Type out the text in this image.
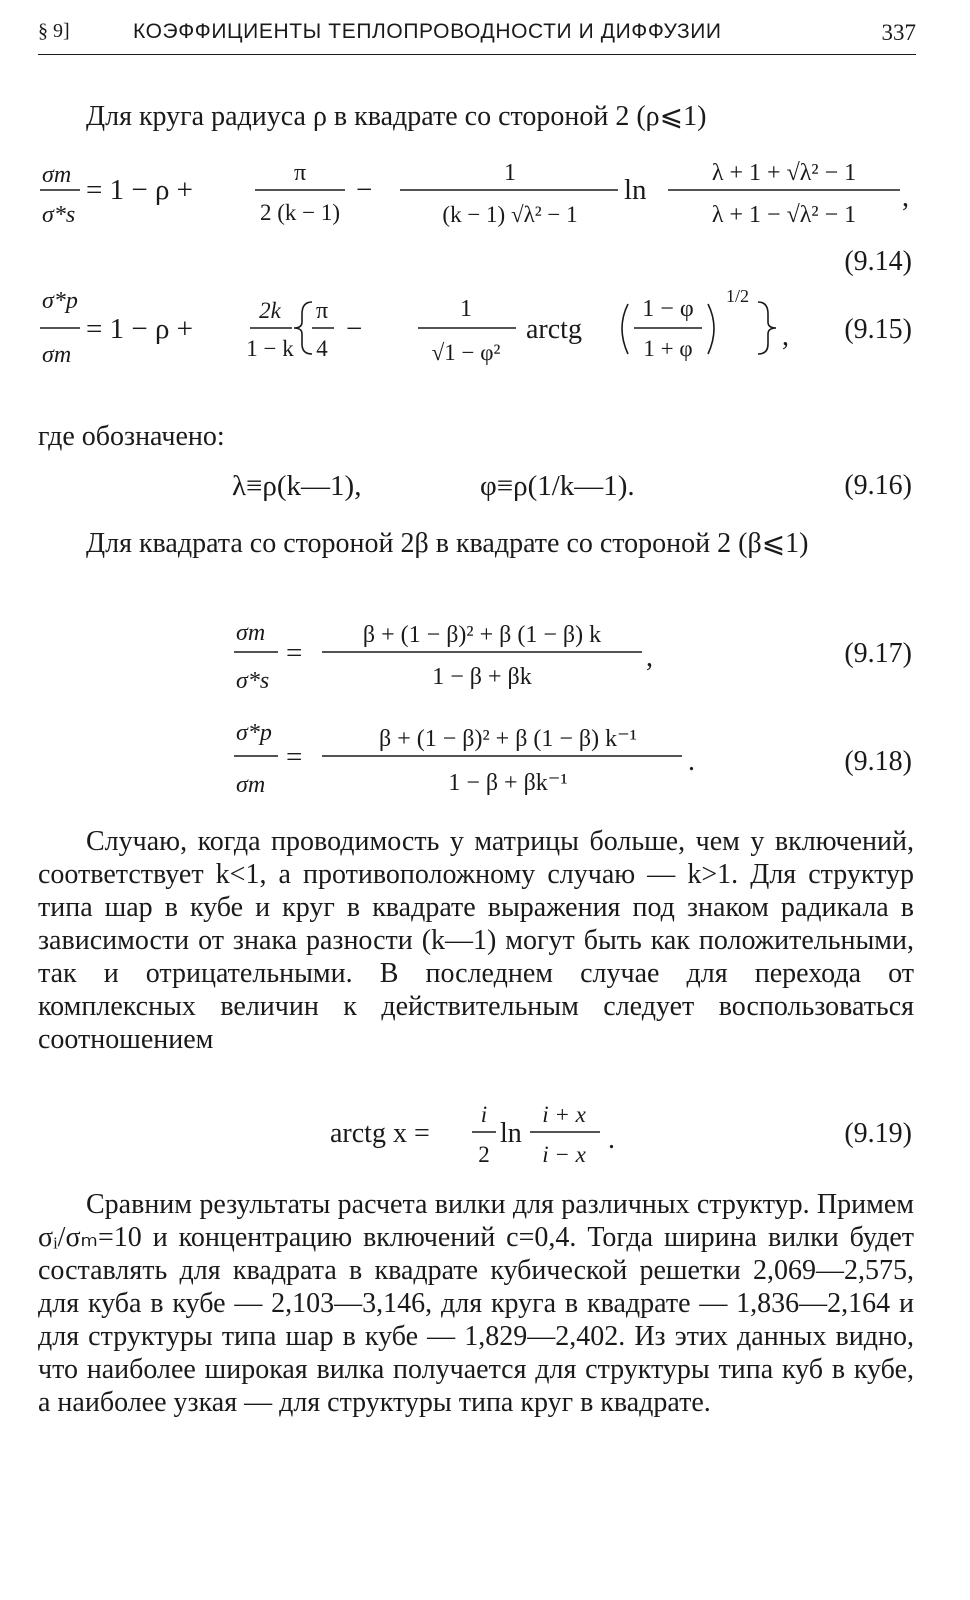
§ 9]	КОЭФФИЦИЕНТЫ ТЕПЛОПРОВОДНОСТИ И ДИФФУЗИИ	337
Для круга радиуса ρ в квадрате со стороной 2 (ρ⩽1)
σm
σ*s
= 1 − ρ +
π
2 (k − 1)
−
1
(k − 1) √λ² − 1
ln
λ + 1 + √λ² − 1
λ + 1 − √λ² − 1
,
(9.14)
σ*p
σm
= 1 − ρ +
2k
1 − k
π
4
−
1
√1 − φ²
arctg
1 − φ
1 + φ
1/2
, (9.15)
где обозначено:
λ≡ρ(k—1),	φ≡ρ(1/k—1).	(9.16)
Для квадрата со стороной 2β в квадрате со стороной 2 (β⩽1)
σm
σ*s
=
β + (1 − β)² + β (1 − β) k
1 − β + βk
,	(9.17)
σ*p
σm
=
β + (1 − β)² + β (1 − β) k⁻¹
1 − β + βk⁻¹
.	(9.18)
Случаю, когда проводимость у матрицы больше, чем у включений, соответствует k<1, а противоположному случаю — k>1. Для структур типа шар в кубе и круг в квадрате выражения под знаком радикала в зависимости от знака разности (k—1) могут быть как положительными, так и отрицательными. В последнем случае для перехода от комплексных величин к действительным следует воспользоваться соотношением
arctg x =
i
2
ln
i + x
i − x .	(9.19)
Сравним результаты расчета вилки для различных структур. Примем σᵢ/σₘ=10 и концентрацию включений c=0,4. Тогда ширина вилки будет составлять для квадрата в квадрате кубической решетки 2,069—2,575, для куба в кубе — 2,103—3,146, для круга в квадрате — 1,836—2,164 и для структуры типа шар в кубе — 1,829—2,402. Из этих данных видно, что наиболее широкая вилка получается для структуры типа куб в кубе, а наиболее узкая — для структуры типа круг в квадрате.
